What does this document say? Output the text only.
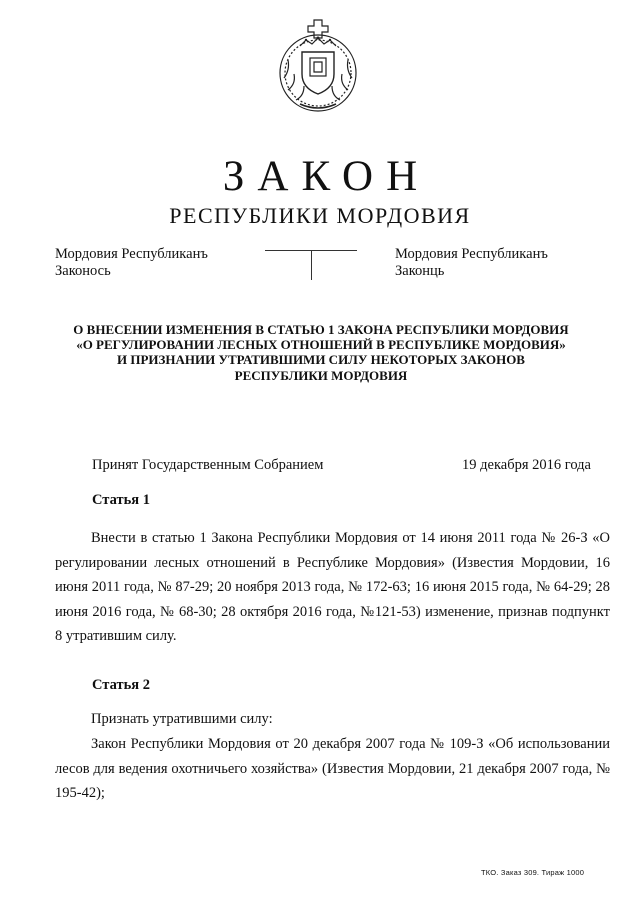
ЗАКОН
РЕСПУБЛИКИ МОРДОВИЯ
Мордовия Республиканъ
Законось
Мордовия Республиканъ
Законць
О ВНЕСЕНИИ ИЗМЕНЕНИЯ В СТАТЬЮ 1 ЗАКОНА РЕСПУБЛИКИ МОРДОВИЯ
«О РЕГУЛИРОВАНИИ ЛЕСНЫХ ОТНОШЕНИЙ В РЕСПУБЛИКЕ МОРДОВИЯ»
И ПРИЗНАНИИ УТРАТИВШИМИ СИЛУ НЕКОТОРЫХ ЗАКОНОВ
РЕСПУБЛИКИ МОРДОВИЯ
Принят Государственным Собранием	19 декабря 2016 года
Статья 1
Внести в статью 1 Закона Республики Мордовия от 14 июня 2011 года № 26-З «О регулировании лесных отношений в Республике Мордовия» (Известия Мордовии, 16 июня 2011 года, № 87-29; 20 ноября 2013 года, № 172-63; 16 июня 2015 года, № 64-29; 28 июня 2016 года, № 68-30; 28 октября 2016 года, №121-53) изменение, признав подпункт 8 утратившим силу.
Статья 2
Признать утратившими силу:
Закон Республики Мордовия от 20 декабря 2007 года № 109-З «Об использовании лесов для ведения охотничьего хозяйства» (Известия Мордовии, 21 декабря 2007 года, № 195-42);
ТКО. Заказ 309. Тираж 1000
